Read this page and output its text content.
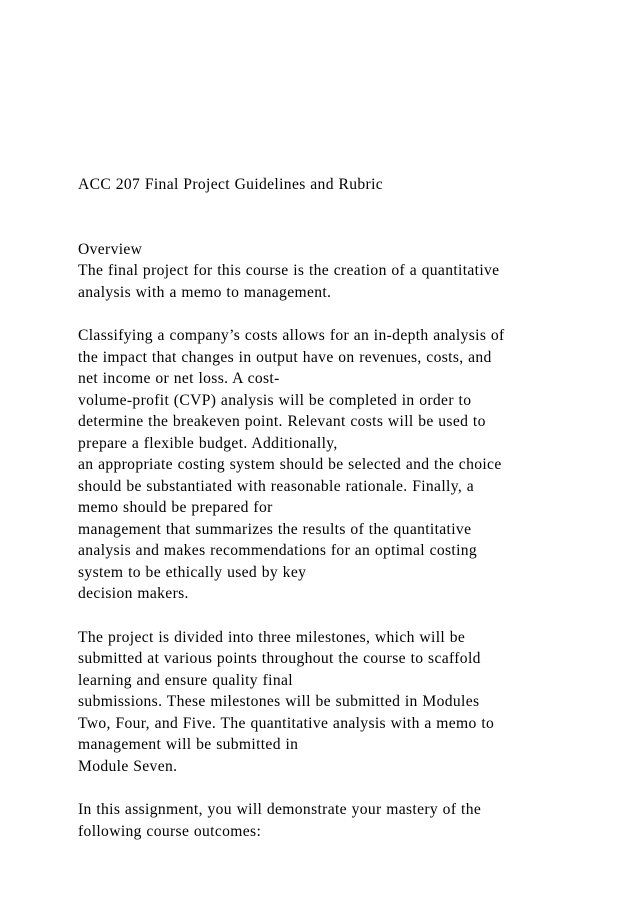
ACC 207 Final Project Guidelines and Rubric
Overview
The final project for this course is the creation of a quantitative
analysis with a memo to management.
Classifying a company’s costs allows for an in-depth analysis of
the impact that changes in output have on revenues, costs, and
net income or net loss. A cost-
volume-profit (CVP) analysis will be completed in order to
determine the breakeven point. Relevant costs will be used to
prepare a flexible budget. Additionally,
an appropriate costing system should be selected and the choice
should be substantiated with reasonable rationale. Finally, a
memo should be prepared for
management that summarizes the results of the quantitative
analysis and makes recommendations for an optimal costing
system to be ethically used by key
decision makers.
The project is divided into three milestones, which will be
submitted at various points throughout the course to scaffold
learning and ensure quality final
submissions. These milestones will be submitted in Modules
Two, Four, and Five. The quantitative analysis with a memo to
management will be submitted in
Module Seven.
In this assignment, you will demonstrate your mastery of the
following course outcomes:
